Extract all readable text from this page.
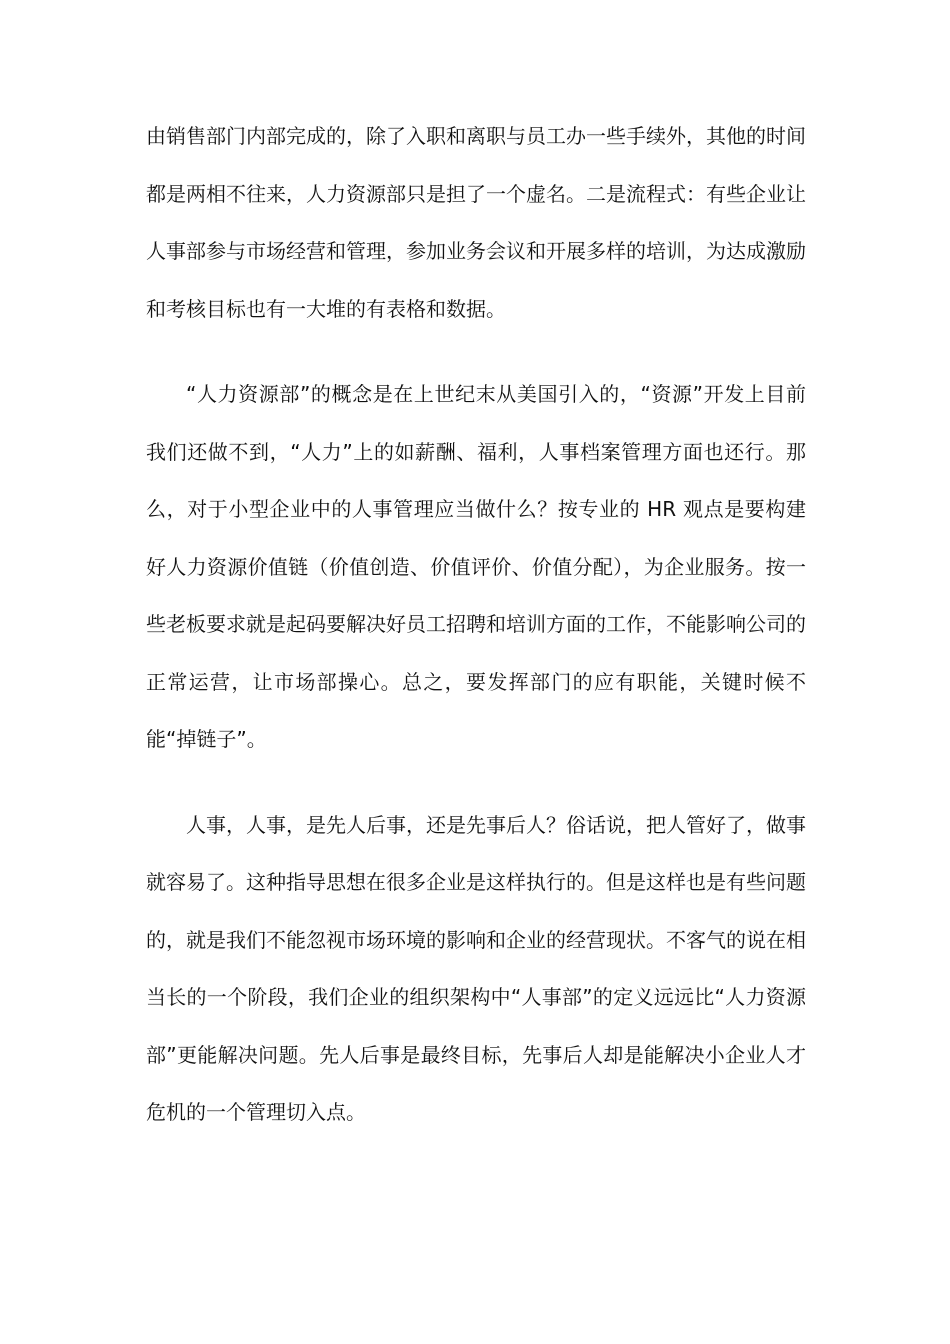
由销售部门内部完成的，除了入职和离职与员工办一些手续外，其他的时间都是两相不往来，人力资源部只是担了一个虚名。二是流程式：有些企业让人事部参与市场经营和管理，参加业务会议和开展多样的培训，为达成激励和考核目标也有一大堆的有表格和数据。

“人力资源部”的概念是在上世纪末从美国引入的，“资源”开发上目前我们还做不到，“人力”上的如薪酬、福利，人事档案管理方面也还行。那么，对于小型企业中的人事管理应当做什么？按专业的 HR 观点是要构建好人力资源价值链（价值创造、价值评价、价值分配），为企业服务。按一些老板要求就是起码要解决好员工招聘和培训方面的工作，不能影响公司的正常运营，让市场部操心。总之，要发挥部门的应有职能，关键时候不能“掉链子”。

人事，人事，是先人后事，还是先事后人？俗话说，把人管好了，做事就容易了。这种指导思想在很多企业是这样执行的。但是这样也是有些问题的，就是我们不能忽视市场环境的影响和企业的经营现状。不客气的说在相当长的一个阶段，我们企业的组织架构中“人事部”的定义远远比“人力资源部”更能解决问题。先人后事是最终目标，先事后人却是能解决小企业人才危机的一个管理切入点。
